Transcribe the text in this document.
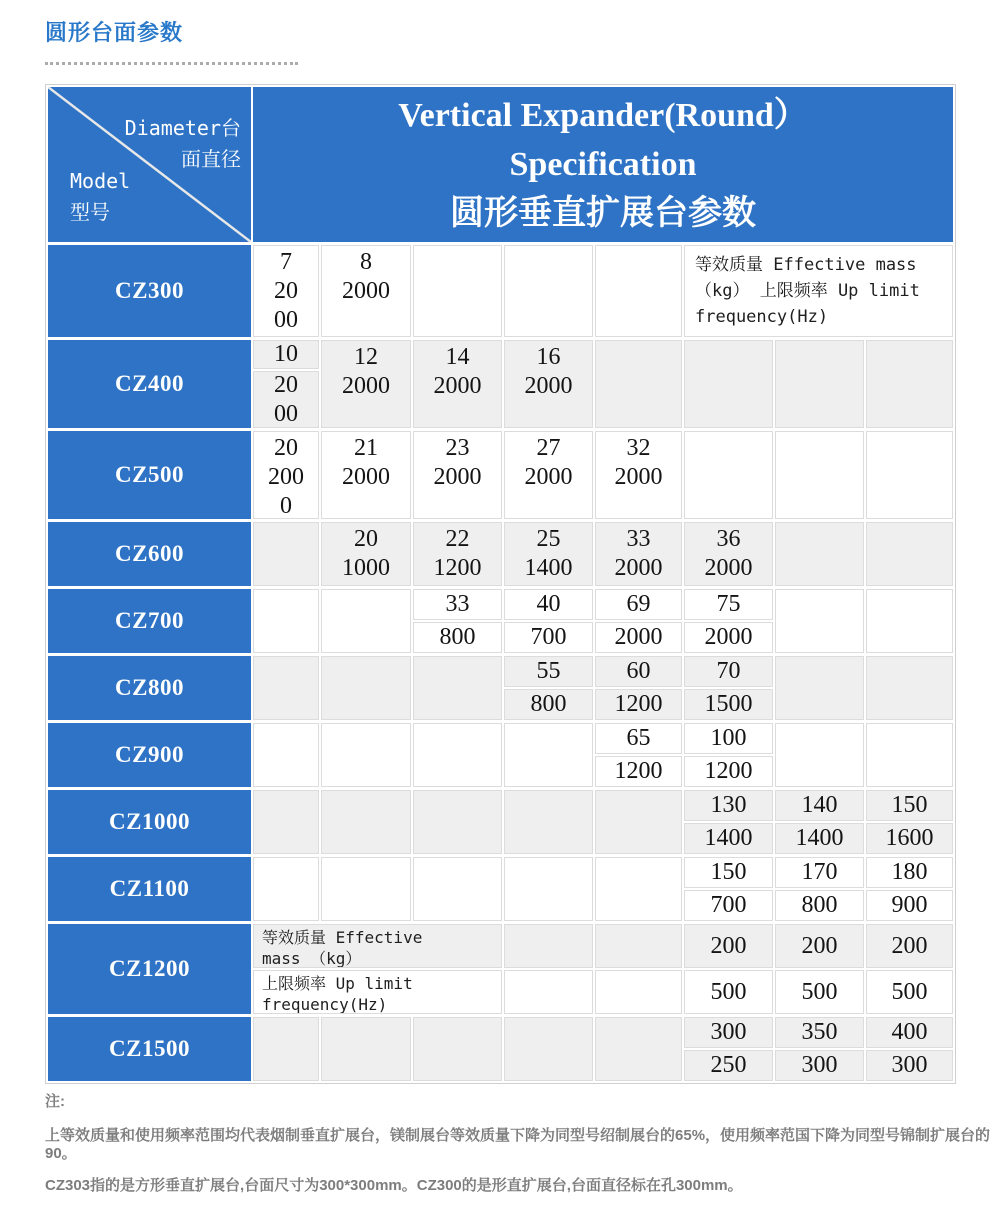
圆形台面参数
Diameter台
面直径
Model
型号
Vertical Expander(Round）
Specification
圆形垂直扩展台参数
CZ300
7
20
00
8
2000
等效质量 Effective mass
（kg） 上限频率 Up limit
frequency(Hz)
CZ400
10
20
00
12
2000
14
2000
16
2000
CZ500
20
200
0
21
2000
23
2000
27
2000
32
2000
CZ600
20
1000
22
1200
25
1400
33
2000
36
2000
CZ700
33
800
40
700
69
2000
75
2000
CZ800
55
800
60
1200
70
1500
CZ900
65
1200
100
1200
CZ1000
130
1400
140
1400
150
1600
CZ1100
150
700
170
800
180
900
CZ1200
等效质量 Effective
mass （kg）
上限频率 Up limit
frequency(Hz)
200
500
200
500
200
500
CZ1500
300
250
350
300
400
300
注:
上等效质量和使用频率范围均代表烟制垂直扩展台，镁制展台等效质量下降为同型号绍制展台的65%，使用频率范国下降为同型号锦制扩展台的90。
CZ303指的是方形垂直扩展台,台面尺寸为300*300mm。CZ300的是形直扩展台,台面直径标在孔300mm。
